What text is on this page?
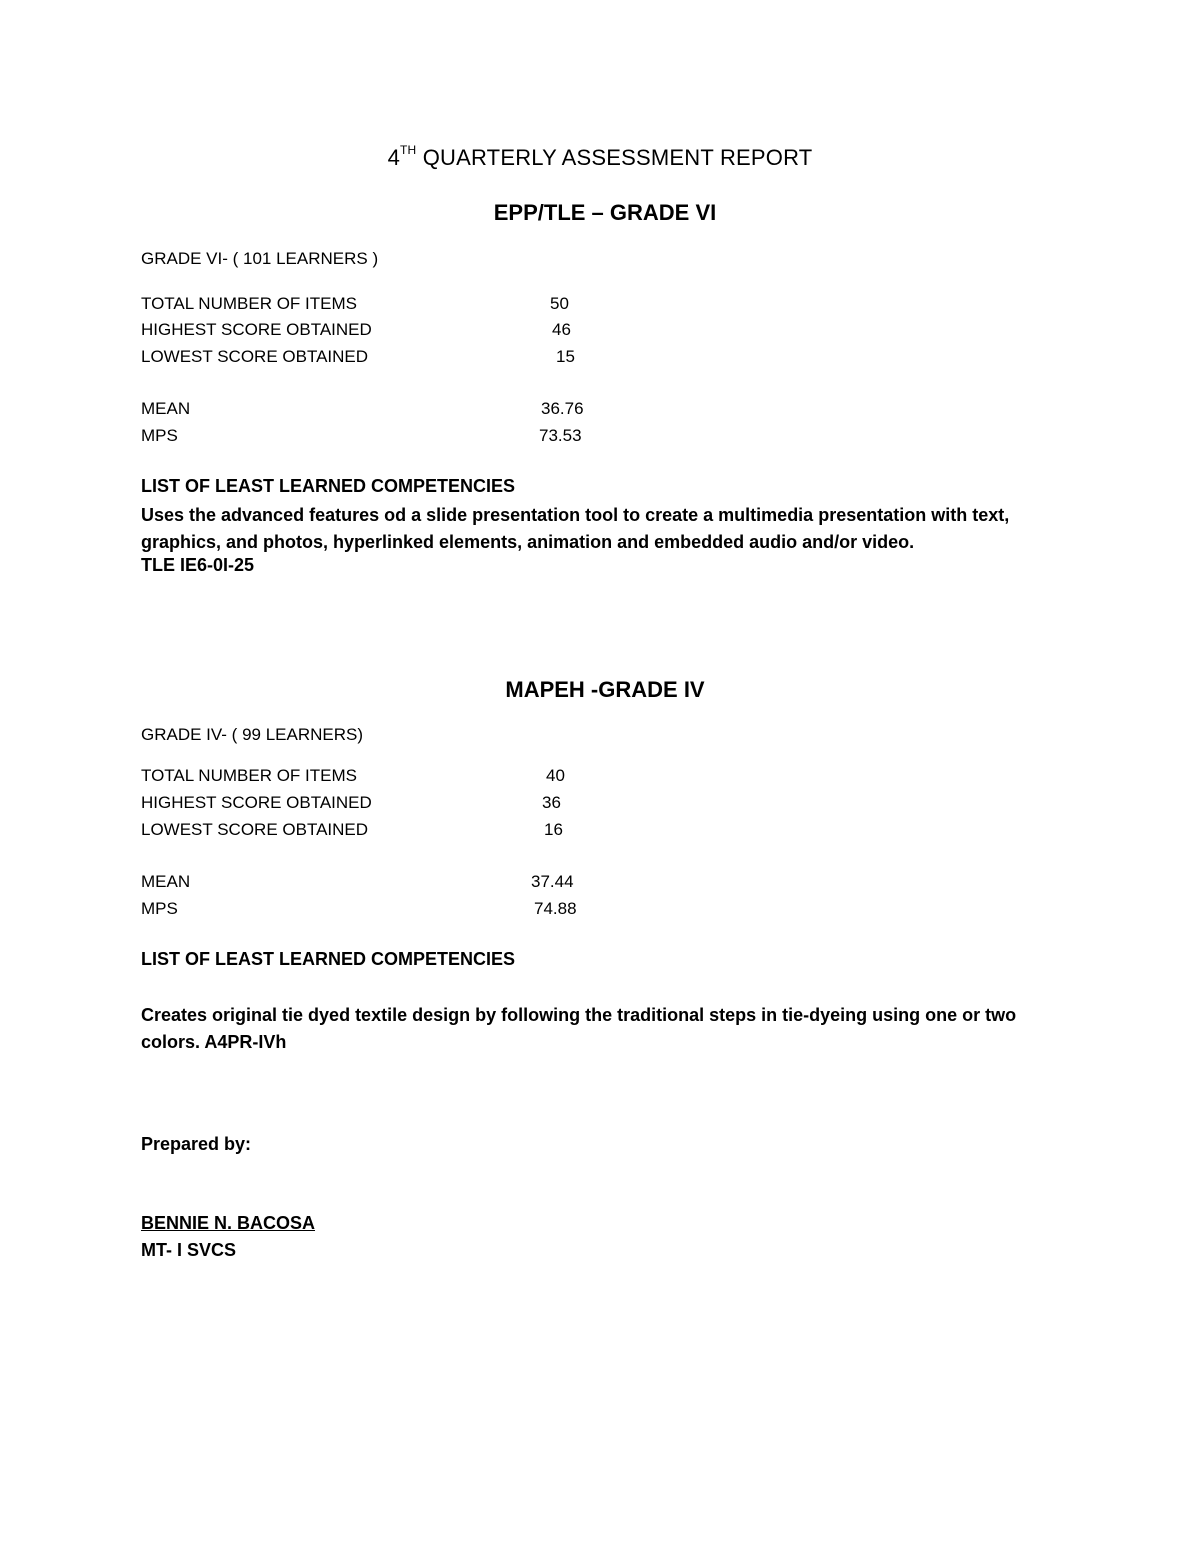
4TH QUARTERLY ASSESSMENT REPORT
EPP/TLE – GRADE VI
GRADE VI- ( 101 LEARNERS )
TOTAL NUMBER OF ITEMS	50
HIGHEST SCORE OBTAINED	46
LOWEST SCORE OBTAINED	15
MEAN	36.76
MPS	73.53
LIST OF LEAST LEARNED COMPETENCIES
Uses the advanced features od a slide presentation tool to create a multimedia presentation with text, graphics, and photos, hyperlinked elements, animation and embedded audio and/or video.
TLE IE6-0I-25
MAPEH -GRADE IV
GRADE IV- ( 99 LEARNERS)
TOTAL NUMBER OF ITEMS	40
HIGHEST SCORE OBTAINED	36
LOWEST SCORE OBTAINED	16
MEAN	37.44
MPS	74.88
LIST OF LEAST LEARNED COMPETENCIES
Creates original tie dyed textile design by following the traditional steps in tie-dyeing using one or two colors. A4PR-IVh
Prepared by:
BENNIE N. BACOSA
MT- I SVCS
